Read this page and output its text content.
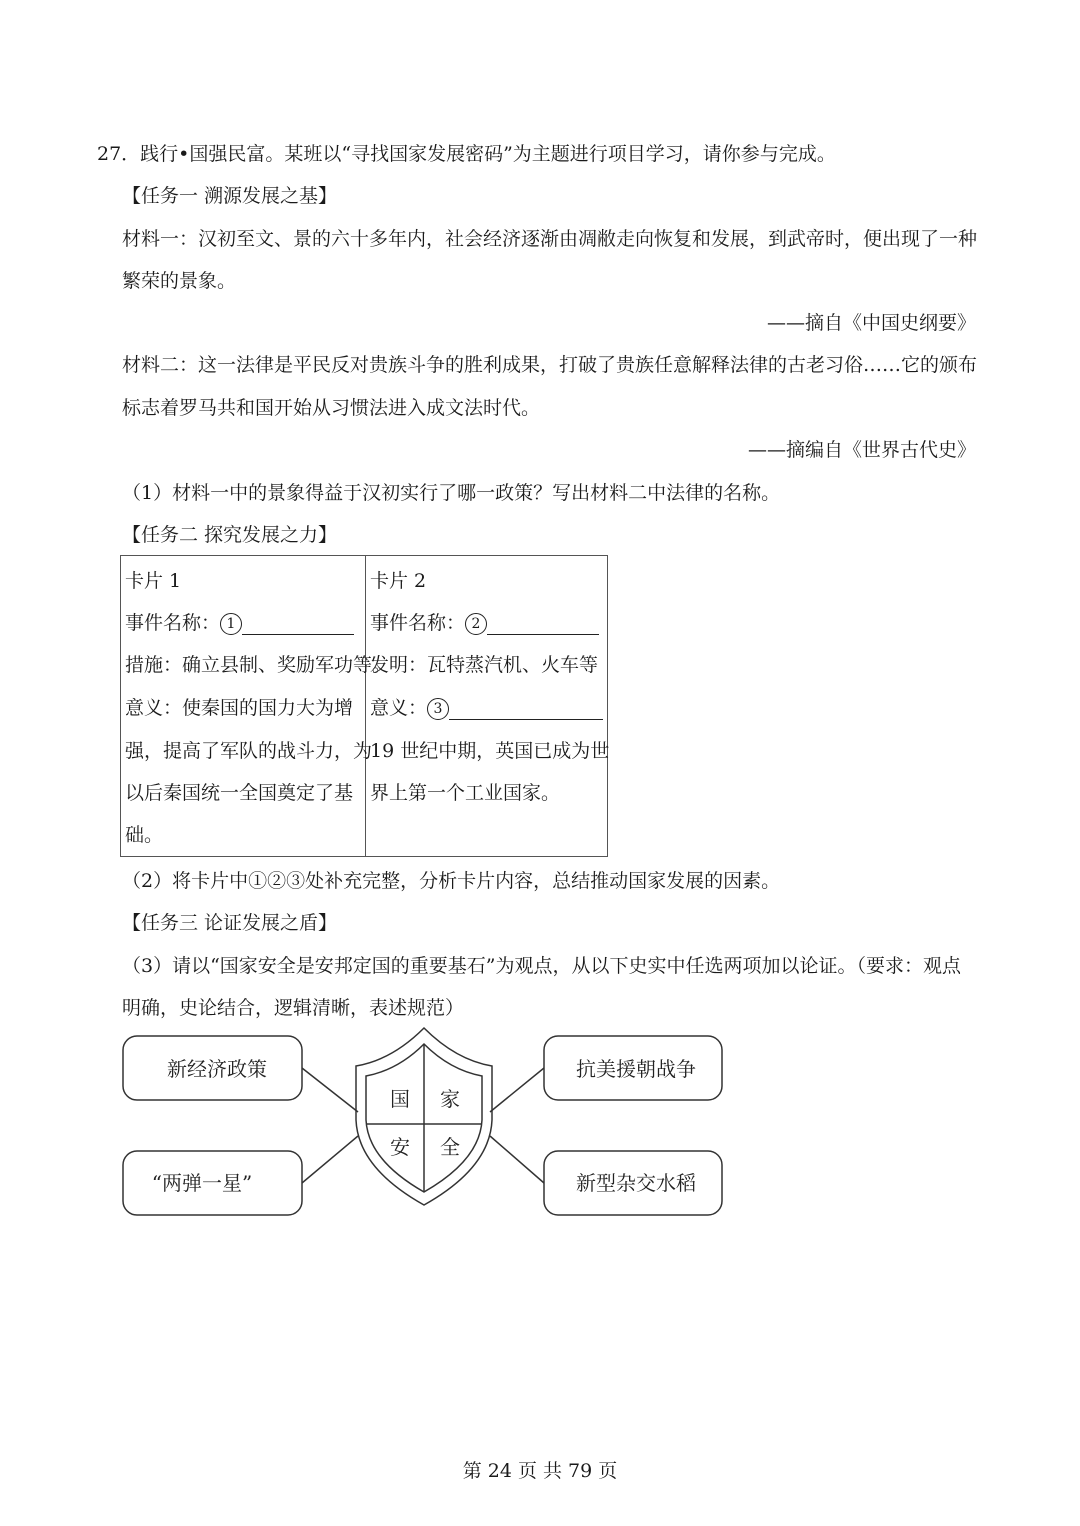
27．践行•国强民富。某班以“寻找国家发展密码”为主题进行项目学习，请你参与完成。
【任务一 溯源发展之基】
材料一：汉初至文、景的六十多年内，社会经济逐渐由凋敝走向恢复和发展，到武帝时，便出现了一种
繁荣的景象。
——摘自《中国史纲要》
材料二：这一法律是平民反对贵族斗争的胜利成果，打破了贵族任意解释法律的古老习俗……它的颁布
标志着罗马共和国开始从习惯法进入成文法时代。
——摘编自《世界古代史》
（1）材料一中的景象得益于汉初实行了哪一政策？写出材料二中法律的名称。
【任务二 探究发展之力】
卡片 1
事件名称： 1
措施：确立县制、奖励军功等。
意义：使秦国的国力大为增
强，提高了军队的战斗力，为
以后秦国统一全国奠定了基
础。
卡片 2
事件名称： 2
发明：瓦特蒸汽机、火车等
意义： 3
19 世纪中期，英国已成为世
界上第一个工业国家。
（2）将卡片中①②③处补充完整，分析卡片内容，总结推动国家发展的因素。
【任务三 论证发展之盾】
（3）请以“国家安全是安邦定国的重要基石”为观点，从以下史实中任选两项加以论证。（要求：观点
明确，史论结合，逻辑清晰，表述规范）
国 家
安 全
新经济政策	抗美援朝战争
“两弹一星”	新型杂交水稻
第 24 页 共 79 页
